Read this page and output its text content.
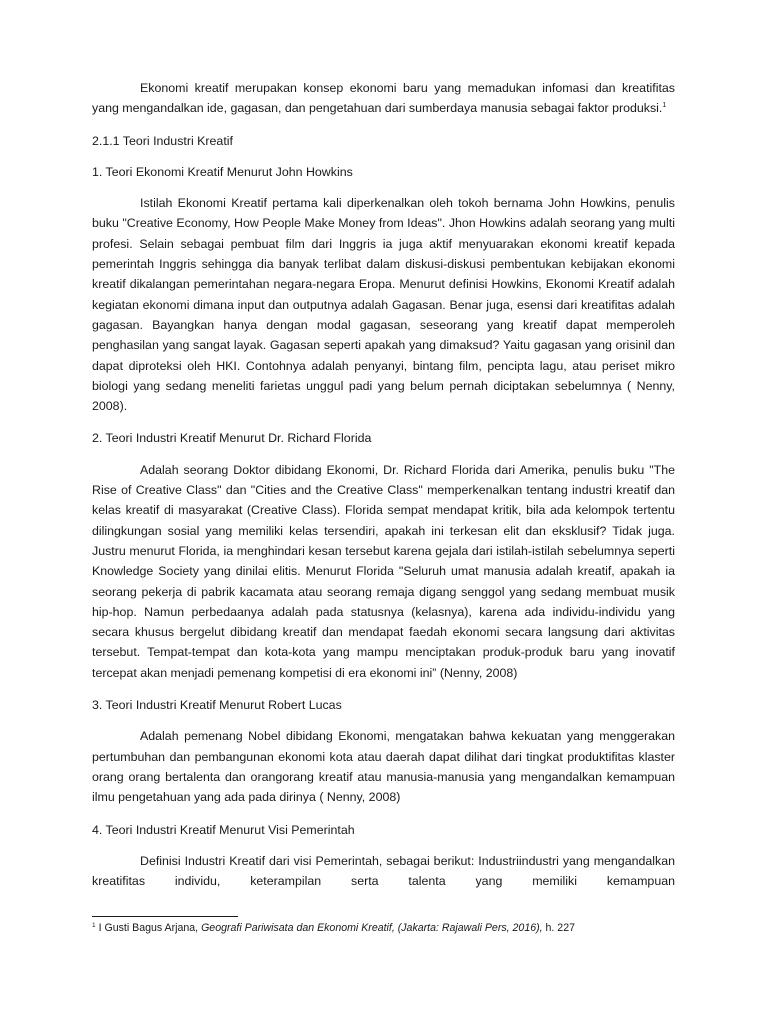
Ekonomi kreatif merupakan konsep ekonomi baru yang memadukan infomasi dan kreatifitas yang mengandalkan ide, gagasan, dan pengetahuan dari sumberdaya manusia sebagai faktor produksi.$^1$

2.1.1 Teori Industri Kreatif

1. Teori Ekonomi Kreatif Menurut John Howkins

Istilah Ekonomi Kreatif pertama kali diperkenalkan oleh tokoh bernama John Howkins, penulis buku "Creative Economy, How People Make Money from Ideas". Jhon Howkins adalah seorang yang multi profesi. Selain sebagai pembuat film dari Inggris ia juga aktif menyuarakan ekonomi kreatif kepada pemerintah Inggris sehingga dia banyak terlibat dalam diskusi-diskusi pembentukan kebijakan ekonomi kreatif dikalangan pemerintahan negara-negara Eropa. Menurut definisi Howkins, Ekonomi Kreatif adalah kegiatan ekonomi dimana input dan outputnya adalah Gagasan. Benar juga, esensi dari kreatifitas adalah gagasan. Bayangkan hanya dengan modal gagasan, seseorang yang kreatif dapat memperoleh penghasilan yang sangat layak. Gagasan seperti apakah yang dimaksud? Yaitu gagasan yang orisinil dan dapat diproteksi oleh HKI. Contohnya adalah penyanyi, bintang film, pencipta lagu, atau periset mikro biologi yang sedang meneliti farietas unggul padi yang belum pernah diciptakan sebelumnya ( Nenny, 2008).

2. Teori Industri Kreatif Menurut Dr. Richard Florida

Adalah seorang Doktor dibidang Ekonomi, Dr. Richard Florida dari Amerika, penulis buku "The Rise of Creative Class" dan "Cities and the Creative Class" memperkenalkan tentang industri kreatif dan kelas kreatif di masyarakat (Creative Class). Florida sempat mendapat kritik, bila ada kelompok tertentu dilingkungan sosial yang memiliki kelas tersendiri, apakah ini terkesan elit dan eksklusif? Tidak juga. Justru menurut Florida, ia menghindari kesan tersebut karena gejala dari istilah-istilah sebelumnya seperti Knowledge Society yang dinilai elitis. Menurut Florida "Seluruh umat manusia adalah kreatif, apakah ia seorang pekerja di pabrik kacamata atau seorang remaja digang senggol yang sedang membuat musik hip-hop. Namun perbedaanya adalah pada statusnya (kelasnya), karena ada individu-individu yang secara khusus bergelut dibidang kreatif dan mendapat faedah ekonomi secara langsung dari aktivitas tersebut. Tempat-tempat dan kota-kota yang mampu menciptakan produk-produk baru yang inovatif tercepat akan menjadi pemenang kompetisi di era ekonomi ini” (Nenny, 2008)

3. Teori Industri Kreatif Menurut Robert Lucas

Adalah pemenang Nobel dibidang Ekonomi, mengatakan bahwa kekuatan yang menggerakan pertumbuhan dan pembangunan ekonomi kota atau daerah dapat dilihat dari tingkat produktifitas klaster orang orang bertalenta dan orangorang kreatif atau manusia-manusia yang mengandalkan kemampuan ilmu pengetahuan yang ada pada dirinya ( Nenny, 2008)

4. Teori Industri Kreatif Menurut Visi Pemerintah

Definisi Industri Kreatif dari visi Pemerintah, sebagai berikut: Industriindustri yang mengandalkan kreatifitas individu, keterampilan serta talenta yang memiliki kemampuan

$^1$ I Gusti Bagus Arjana, Geografi Pariwisata dan Ekonomi Kreatif, (Jakarta: Rajawali Pers, 2016), h. 227
